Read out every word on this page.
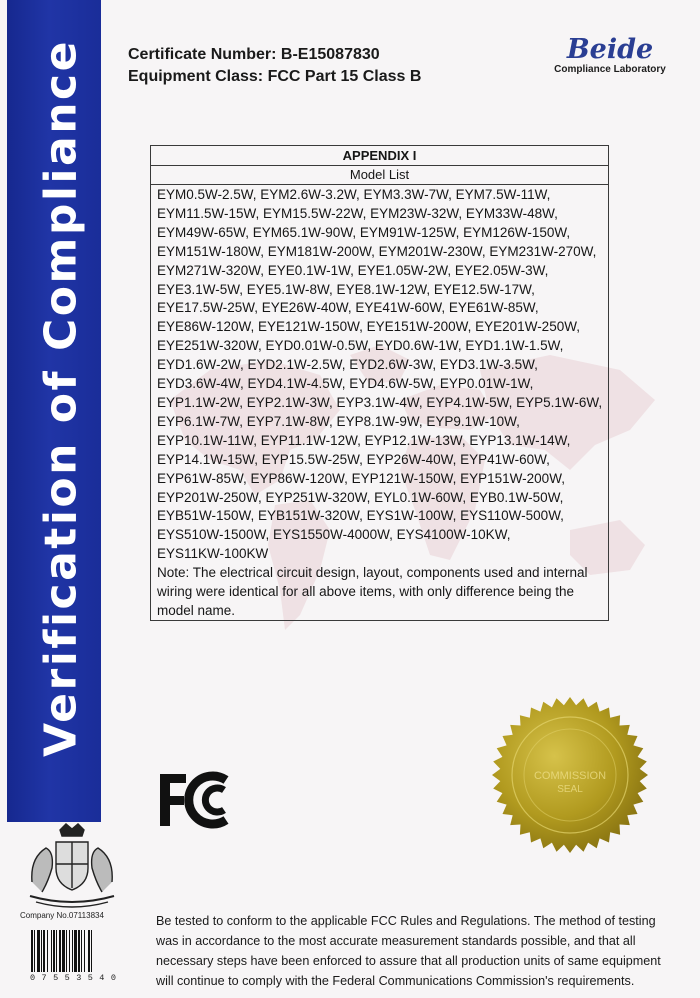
Verification of Compliance	Certificate Number: B-E15087830
Equipment Class: FCC Part 15 Class B
Beide
Compliance Laboratory
APPENDIX I
Model List
EYM0.5W-2.5W, EYM2.6W-3.2W, EYM3.3W-7W, EYM7.5W-11W,
EYM11.5W-15W, EYM15.5W-22W, EYM23W-32W, EYM33W-48W,
EYM49W-65W, EYM65.1W-90W, EYM91W-125W, EYM126W-150W,
EYM151W-180W, EYM181W-200W, EYM201W-230W, EYM231W-270W,
EYM271W-320W, EYE0.1W-1W, EYE1.05W-2W, EYE2.05W-3W,
EYE3.1W-5W, EYE5.1W-8W, EYE8.1W-12W, EYE12.5W-17W,
EYE17.5W-25W, EYE26W-40W, EYE41W-60W, EYE61W-85W,
EYE86W-120W, EYE121W-150W, EYE151W-200W, EYE201W-250W,
EYE251W-320W, EYD0.01W-0.5W, EYD0.6W-1W, EYD1.1W-1.5W,
EYD1.6W-2W, EYD2.1W-2.5W, EYD2.6W-3W, EYD3.1W-3.5W,
EYD3.6W-4W, EYD4.1W-4.5W, EYD4.6W-5W, EYP0.01W-1W,
EYP1.1W-2W, EYP2.1W-3W, EYP3.1W-4W, EYP4.1W-5W, EYP5.1W-6W,
EYP6.1W-7W, EYP7.1W-8W, EYP8.1W-9W, EYP9.1W-10W,
EYP10.1W-11W, EYP11.1W-12W, EYP12.1W-13W, EYP13.1W-14W,
EYP14.1W-15W, EYP15.5W-25W, EYP26W-40W, EYP41W-60W,
EYP61W-85W, EYP86W-120W, EYP121W-150W, EYP151W-200W,
EYP201W-250W, EYP251W-320W, EYL0.1W-60W, EYB0.1W-50W,
EYB51W-150W, EYB151W-320W, EYS1W-100W, EYS110W-500W,
EYS510W-1500W, EYS1550W-4000W, EYS4100W-10KW,
EYS11KW-100KW
Note: The electrical circuit design, layout, components used and internal
wiring were identical for all above items, with only difference being the
model name.
COMMISSION
SEAL
Company No.07113834
0 7 5 5 3 5 4 0
Be tested to conform to the applicable FCC Rules and Regulations. The method of testing
was in accordance to the most accurate measurement standards possible, and that all
necessary steps have been enforced to assure that all production units of same equipment
will continue to comply with the Federal Communications Commission's requirements.
